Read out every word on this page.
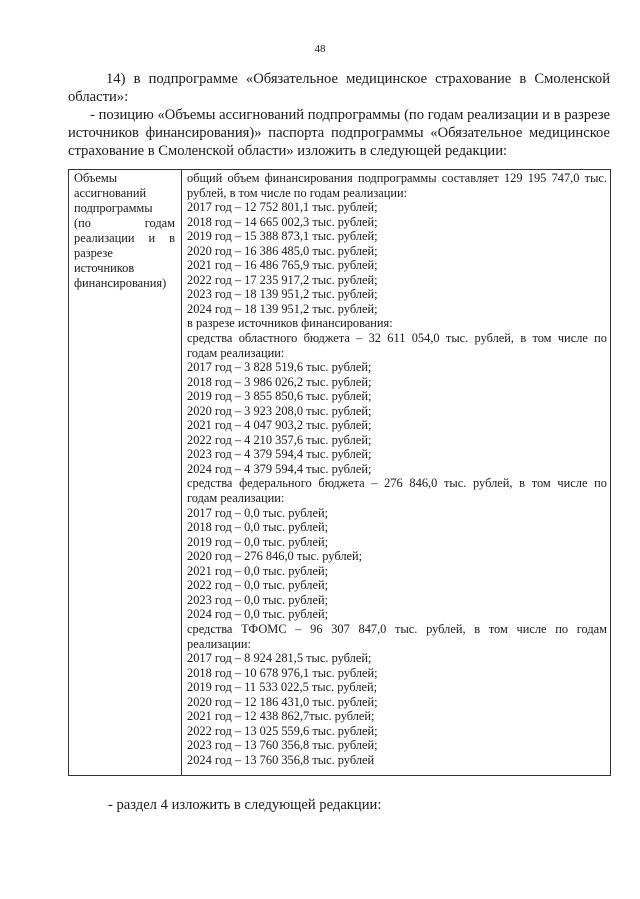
48
14) в подпрограмме «Обязательное медицинское страхование в Смоленской области»:
- позицию «Объемы ассигнований подпрограммы (по годам реализации и в разрезе источников финансирования)» паспорта подпрограммы «Обязательное медицинское страхование в Смоленской области» изложить в следующей редакции:
Объемы
ассигнований
подпрограммы
(по годам
реализации и в
разрезе
источников
финансирования)
общий объем финансирования подпрограммы составляет 129 195 747,0 тыс.
рублей, в том числе по годам реализации:
2017 год – 12 752 801,1 тыс. рублей;
2018 год – 14 665 002,3 тыс. рублей;
2019 год – 15 388 873,1 тыс. рублей;
2020 год – 16 386 485,0 тыс. рублей;
2021 год – 16 486 765,9 тыс. рублей;
2022 год – 17 235 917,2 тыс. рублей;
2023 год – 18 139 951,2 тыс. рублей;
2024 год – 18 139 951,2 тыс. рублей;
в разрезе источников финансирования:
средства областного бюджета – 32 611 054,0 тыс. рублей, в том числе по
годам реализации:
2017 год – 3 828 519,6 тыс. рублей;
2018 год – 3 986 026,2 тыс. рублей;
2019 год – 3 855 850,6 тыс. рублей;
2020 год – 3 923 208,0 тыс. рублей;
2021 год – 4 047 903,2 тыс. рублей;
2022 год – 4 210 357,6 тыс. рублей;
2023 год – 4 379 594,4 тыс. рублей;
2024 год – 4 379 594,4 тыс. рублей;
средства федерального бюджета – 276 846,0 тыс. рублей, в том числе по
годам реализации:
2017 год – 0,0 тыс. рублей;
2018 год – 0,0 тыс. рублей;
2019 год – 0,0 тыс. рублей;
2020 год – 276 846,0 тыс. рублей;
2021 год – 0,0 тыс. рублей;
2022 год – 0,0 тыс. рублей;
2023 год – 0,0 тыс. рублей;
2024 год – 0,0 тыс. рублей;
средства ТФОМС – 96 307 847,0 тыс. рублей, в том числе по годам
реализации:
2017 год – 8 924 281,5 тыс. рублей;
2018 год – 10 678 976,1 тыс. рублей;
2019 год – 11 533 022,5 тыс. рублей;
2020 год – 12 186 431,0 тыс. рублей;
2021 год – 12 438 862,7тыс. рублей;
2022 год – 13 025 559,6 тыс. рублей;
2023 год – 13 760 356,8 тыс. рублей;
2024 год – 13 760 356,8 тыс. рублей
- раздел 4 изложить в следующей редакции:
